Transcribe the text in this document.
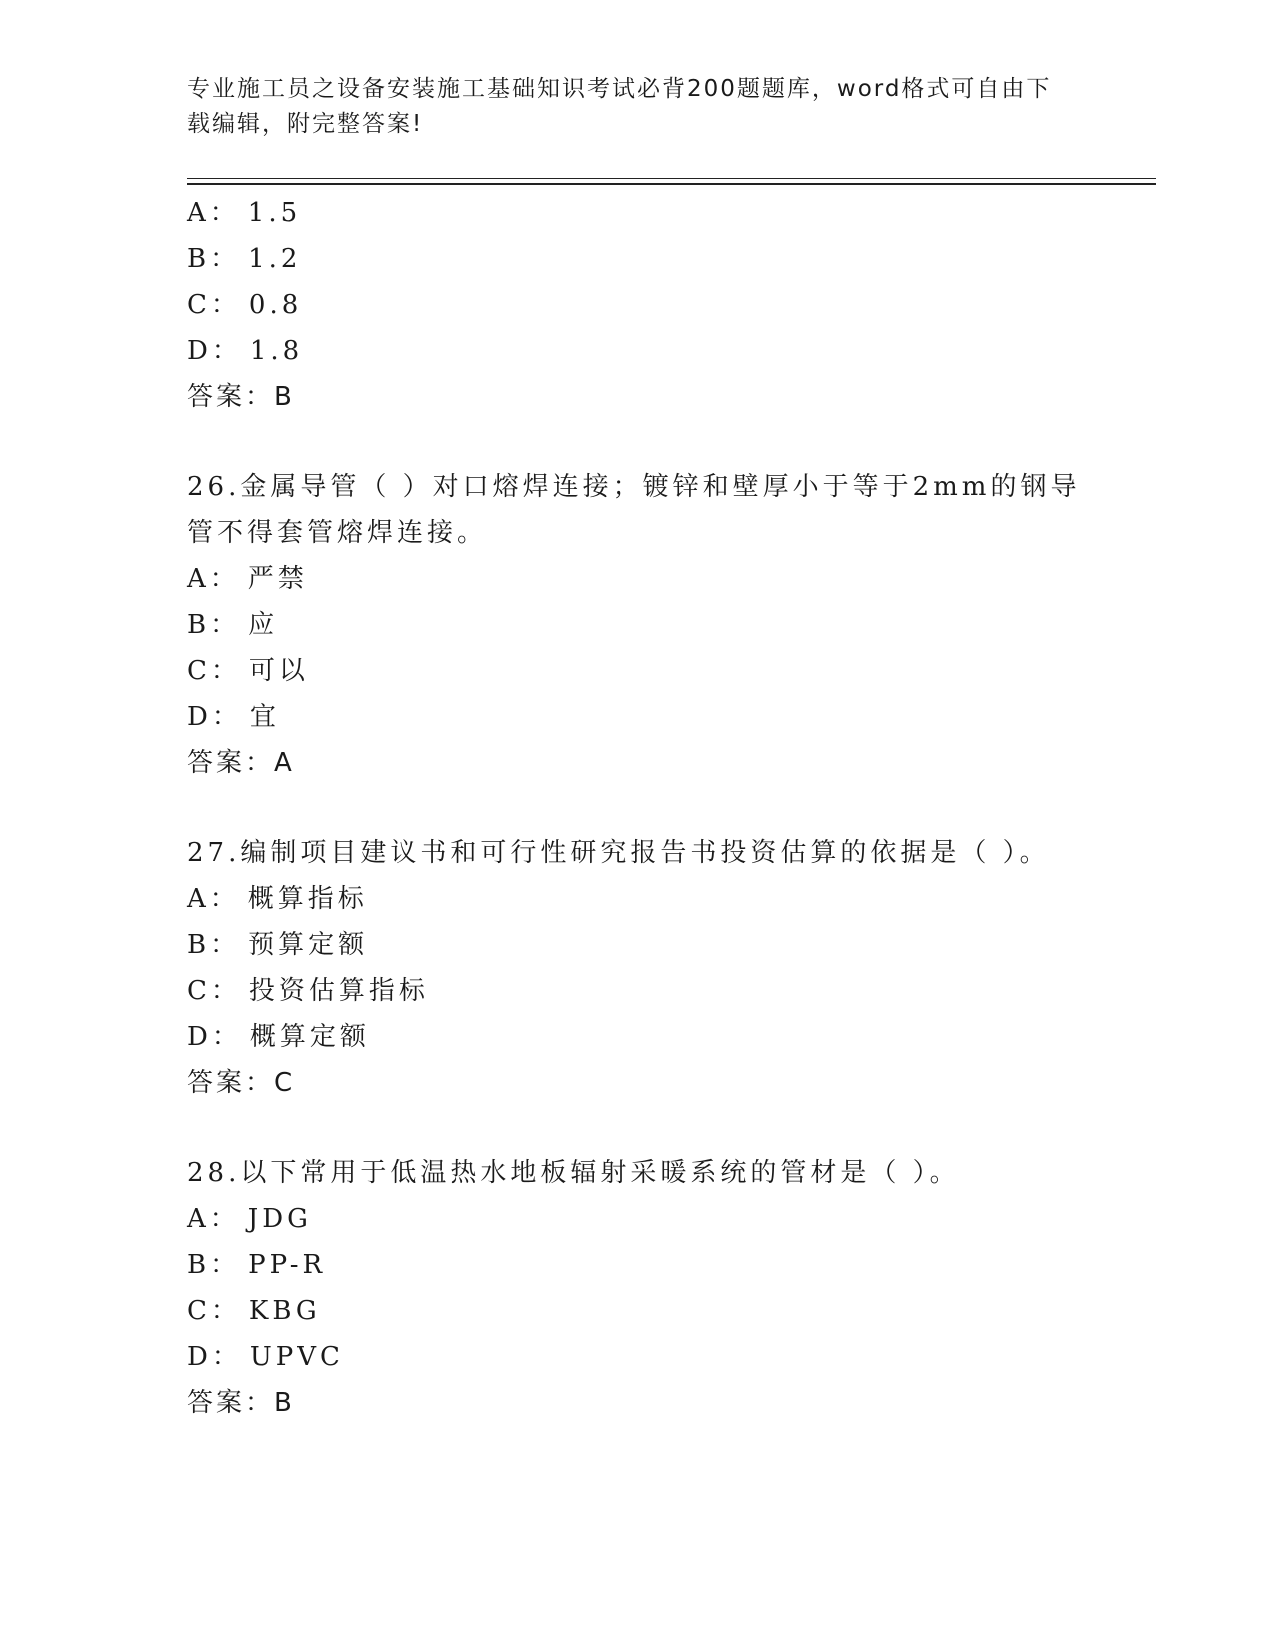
专业施工员之设备安装施工基础知识考试必背200题题库，word格式可自由下载编辑，附完整答案!
A： 1.5
B： 1.2
C： 0.8
D： 1.8
答案：B
26.金属导管（ ）对口熔焊连接；镀锌和壁厚小于等于2mm的钢导管不得套管熔焊连接。
A： 严禁
B： 应
C： 可以
D： 宜
答案：A
27.编制项目建议书和可行性研究报告书投资估算的依据是（ ）。
A： 概算指标
B： 预算定额
C： 投资估算指标
D： 概算定额
答案：C
28.以下常用于低温热水地板辐射采暖系统的管材是（ ）。
A： JDG
B： PP-R
C： KBG
D： UPVC
答案：B
